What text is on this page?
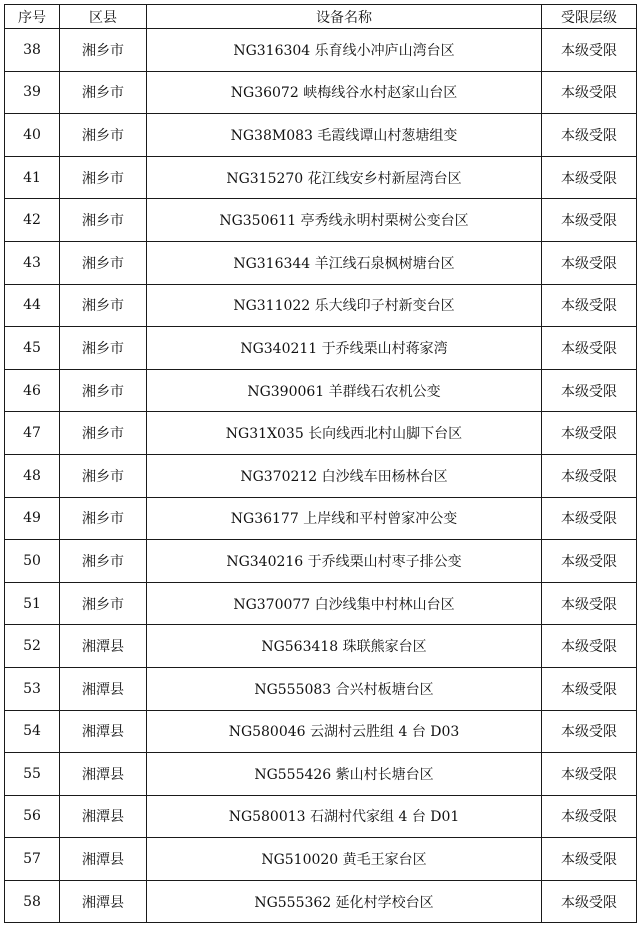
序号	区县	设备名称	受限层级
38	湘乡市	NG316304 乐育线小冲庐山湾台区	本级受限
39	湘乡市	NG36072 峡梅线谷水村赵家山台区	本级受限
40	湘乡市	NG38M083 毛霞线谭山村葱塘组变	本级受限
41	湘乡市	NG315270 花江线安乡村新屋湾台区	本级受限
42	湘乡市	NG350611 亭秀线永明村栗树公变台区	本级受限
43	湘乡市	NG316344 羊江线石泉枫树塘台区	本级受限
44	湘乡市	NG311022 乐大线印子村新变台区	本级受限
45	湘乡市	NG340211 于乔线栗山村蒋家湾	本级受限
46	湘乡市	NG390061 羊群线石农机公变	本级受限
47	湘乡市	NG31X035 长向线西北村山脚下台区	本级受限
48	湘乡市	NG370212 白沙线车田杨林台区	本级受限
49	湘乡市	NG36177 上岸线和平村曾家冲公变	本级受限
50	湘乡市	NG340216 于乔线栗山村枣子排公变	本级受限
51	湘乡市	NG370077 白沙线集中村林山台区	本级受限
52	湘潭县	NG563418 珠联熊家台区	本级受限
53	湘潭县	NG555083 合兴村板塘台区	本级受限
54	湘潭县	NG580046 云湖村云胜组 4 台 D03	本级受限
55	湘潭县	NG555426 紫山村长塘台区	本级受限
56	湘潭县	NG580013 石湖村代家组 4 台 D01	本级受限
57	湘潭县	NG510020 黄毛王家台区	本级受限
58	湘潭县	NG555362 延化村学校台区	本级受限
